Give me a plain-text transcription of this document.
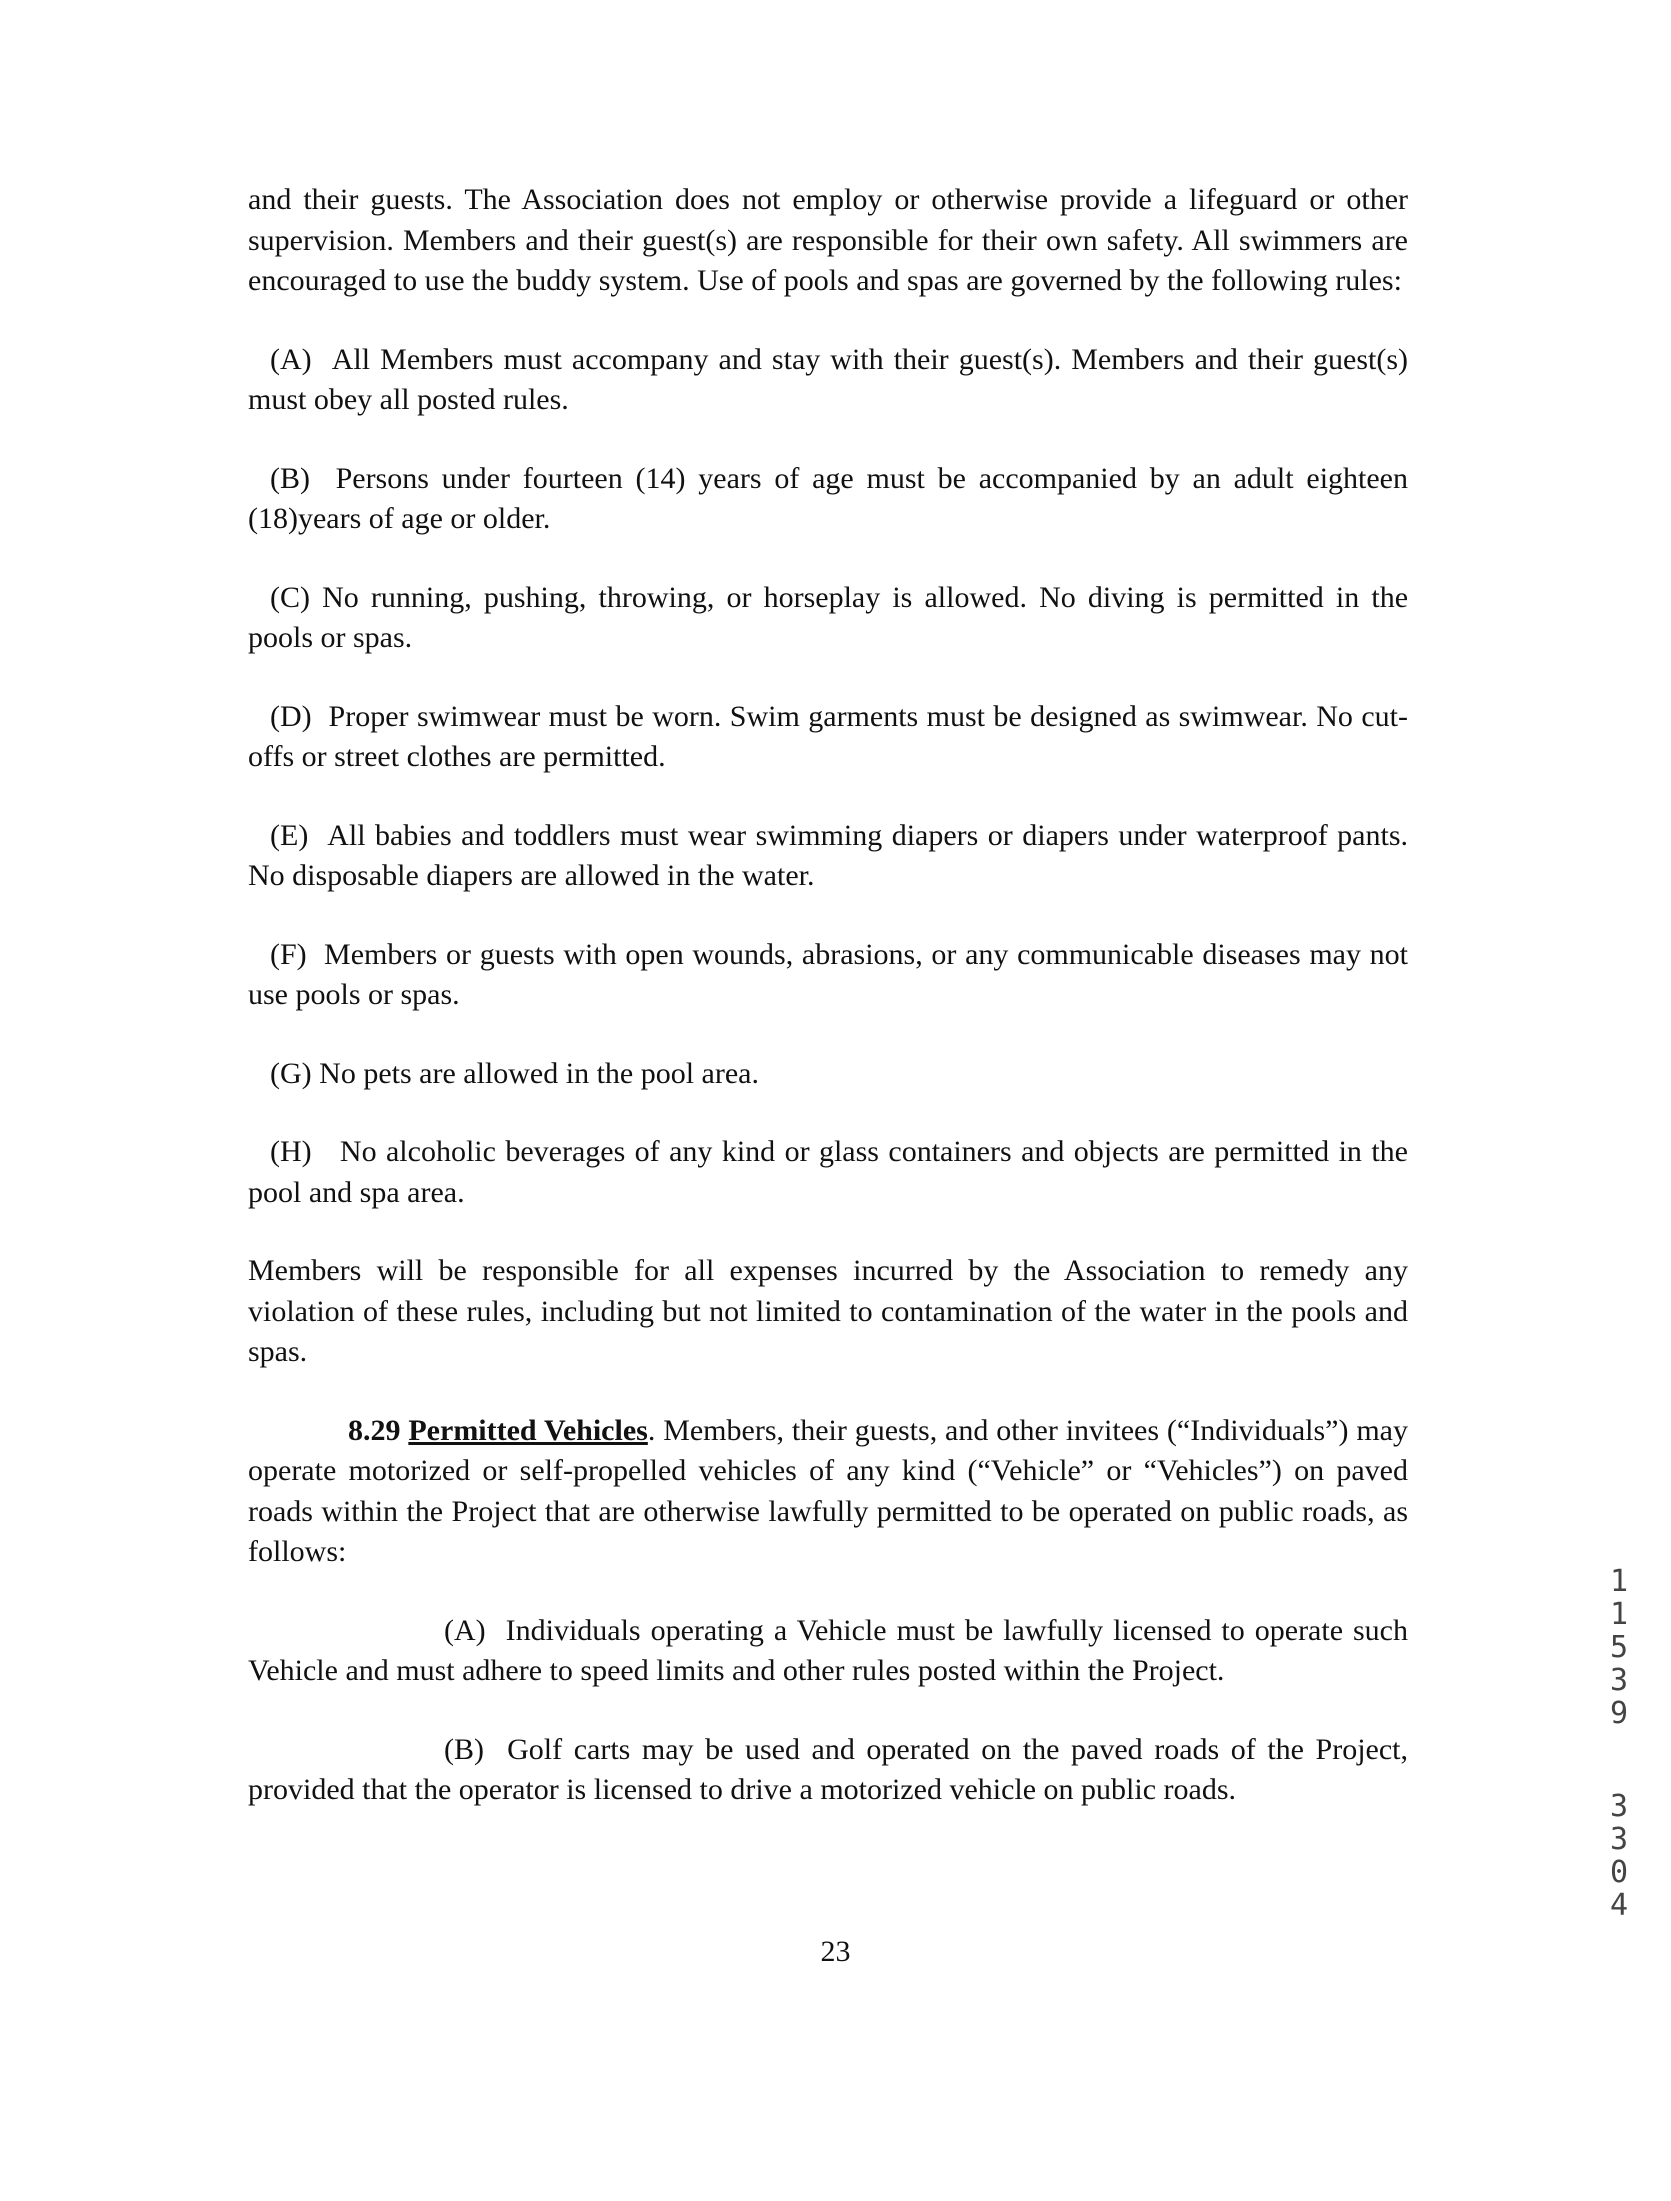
and their guests. The Association does not employ or otherwise provide a lifeguard or other supervision. Members and their guest(s) are responsible for their own safety. All swimmers are encouraged to use the buddy system. Use of pools and spas are governed by the following rules:

(A) All Members must accompany and stay with their guest(s). Members and their guest(s) must obey all posted rules.

(B) Persons under fourteen (14) years of age must be accompanied by an adult eighteen (18)years of age or older.

(C) No running, pushing, throwing, or horseplay is allowed. No diving is permitted in the pools or spas.

(D) Proper swimwear must be worn. Swim garments must be designed as swimwear. No cut-offs or street clothes are permitted.

(E) All babies and toddlers must wear swimming diapers or diapers under waterproof pants. No disposable diapers are allowed in the water.

(F) Members or guests with open wounds, abrasions, or any communicable diseases may not use pools or spas.

(G) No pets are allowed in the pool area.

(H) No alcoholic beverages of any kind or glass containers and objects are permitted in the pool and spa area.

Members will be responsible for all expenses incurred by the Association to remedy any violation of these rules, including but not limited to contamination of the water in the pools and spas.

8.29 Permitted Vehicles. Members, their guests, and other invitees (“Individuals”) may operate motorized or self-propelled vehicles of any kind (“Vehicle” or “Vehicles”) on paved roads within the Project that are otherwise lawfully permitted to be operated on public roads, as follows:

(A) Individuals operating a Vehicle must be lawfully licensed to operate such Vehicle and must adhere to speed limits and other rules posted within the Project.

(B) Golf carts may be used and operated on the paved roads of the Project, provided that the operator is licensed to drive a motorized vehicle on public roads.

23
1
1
5
3
9
3
3
0
4
